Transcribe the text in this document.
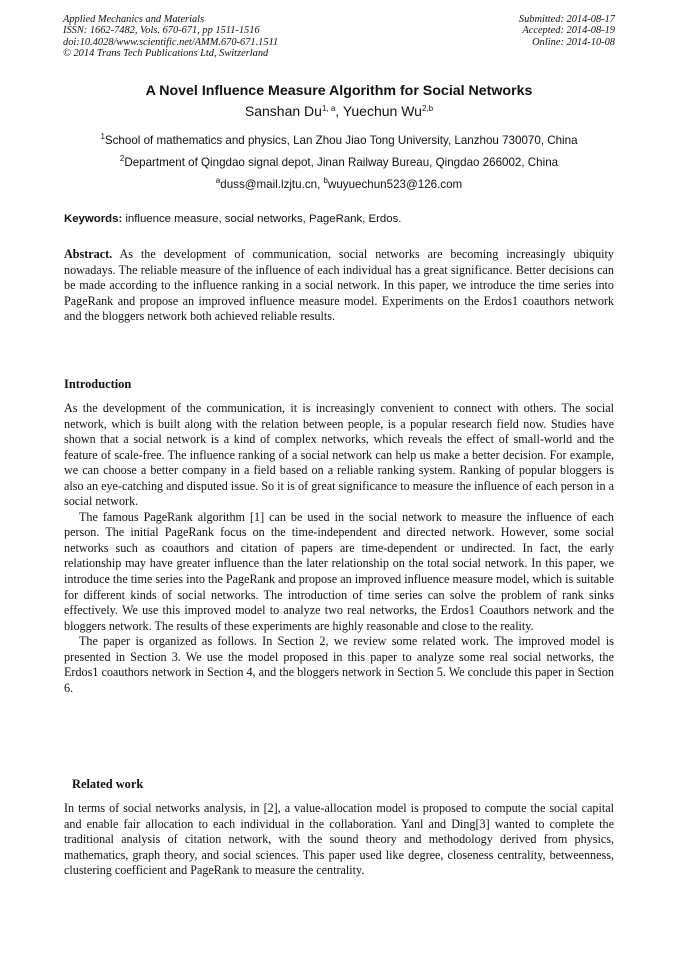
Applied Mechanics and Materials
ISSN: 1662-7482, Vols. 670-671, pp 1511-1516
doi:10.4028/www.scientific.net/AMM.670-671.1511
© 2014 Trans Tech Publications Ltd, Switzerland
Submitted: 2014-08-17
Accepted: 2014-08-19
Online: 2014-10-08
A Novel Influence Measure Algorithm for Social Networks
Sanshan Du$^{1, a}$, Yuechun Wu$^{2,b}$
$^1$School of mathematics and physics, Lan Zhou Jiao Tong University, Lanzhou 730070, China
$^2$Department of Qingdao signal depot, Jinan Railway Bureau, Qingdao 266002, China
$^a$duss@mail.lzjtu.cn, $^b$wuyuechun523@126.com
Keywords: influence measure, social networks, PageRank, Erdos.

Abstract. As the development of communication, social networks are becoming increasingly ubiquity nowadays. The reliable measure of the influence of each individual has a great significance. Better decisions can be made according to the influence ranking in a social network. In this paper, we introduce the time series into PageRank and propose an improved influence measure model. Experiments on the Erdos1 coauthors network and the bloggers network both achieved reliable results.

Introduction

As the development of the communication, it is increasingly convenient to connect with others. The social network, which is built along with the relation between people, is a popular research field now. Studies have shown that a social network is a kind of complex networks, which reveals the effect of small-world and the feature of scale-free. The influence ranking of a social network can help us make a better decision. For example, we can choose a better company in a field based on a reliable ranking system. Ranking of popular bloggers is also an eye-catching and disputed issue. So it is of great significance to measure the influence of each person in a social network.

The famous PageRank algorithm [1] can be used in the social network to measure the influence of each person. The initial PageRank focus on the time-independent and directed network. However, some social networks such as coauthors and citation of papers are time-dependent or undirected. In fact, the early relationship may have greater influence than the later relationship on the total social network. In this paper, we introduce the time series into the PageRank and propose an improved influence measure model, which is suitable for different kinds of social networks. The introduction of time series can solve the problem of rank sinks effectively. We use this improved model to analyze two real networks, the Erdos1 Coauthors network and the bloggers network. The results of these experiments are highly reasonable and close to the reality.

The paper is organized as follows. In Section 2, we review some related work. The improved model is presented in Section 3. We use the model proposed in this paper to analyze some real social networks, the Erdos1 coauthors network in Section 4, and the bloggers network in Section 5. We conclude this paper in Section 6.

Related work

In terms of social networks analysis, in [2], a value-allocation model is proposed to compute the social capital and enable fair allocation to each individual in the collaboration. Yanl and Ding[3] wanted to complete the traditional analysis of citation network, with the sound theory and methodology derived from physics, mathematics, graph theory, and social sciences. This paper used like degree, closeness centrality, betweenness, clustering coefficient and PageRank to measure the centrality.
